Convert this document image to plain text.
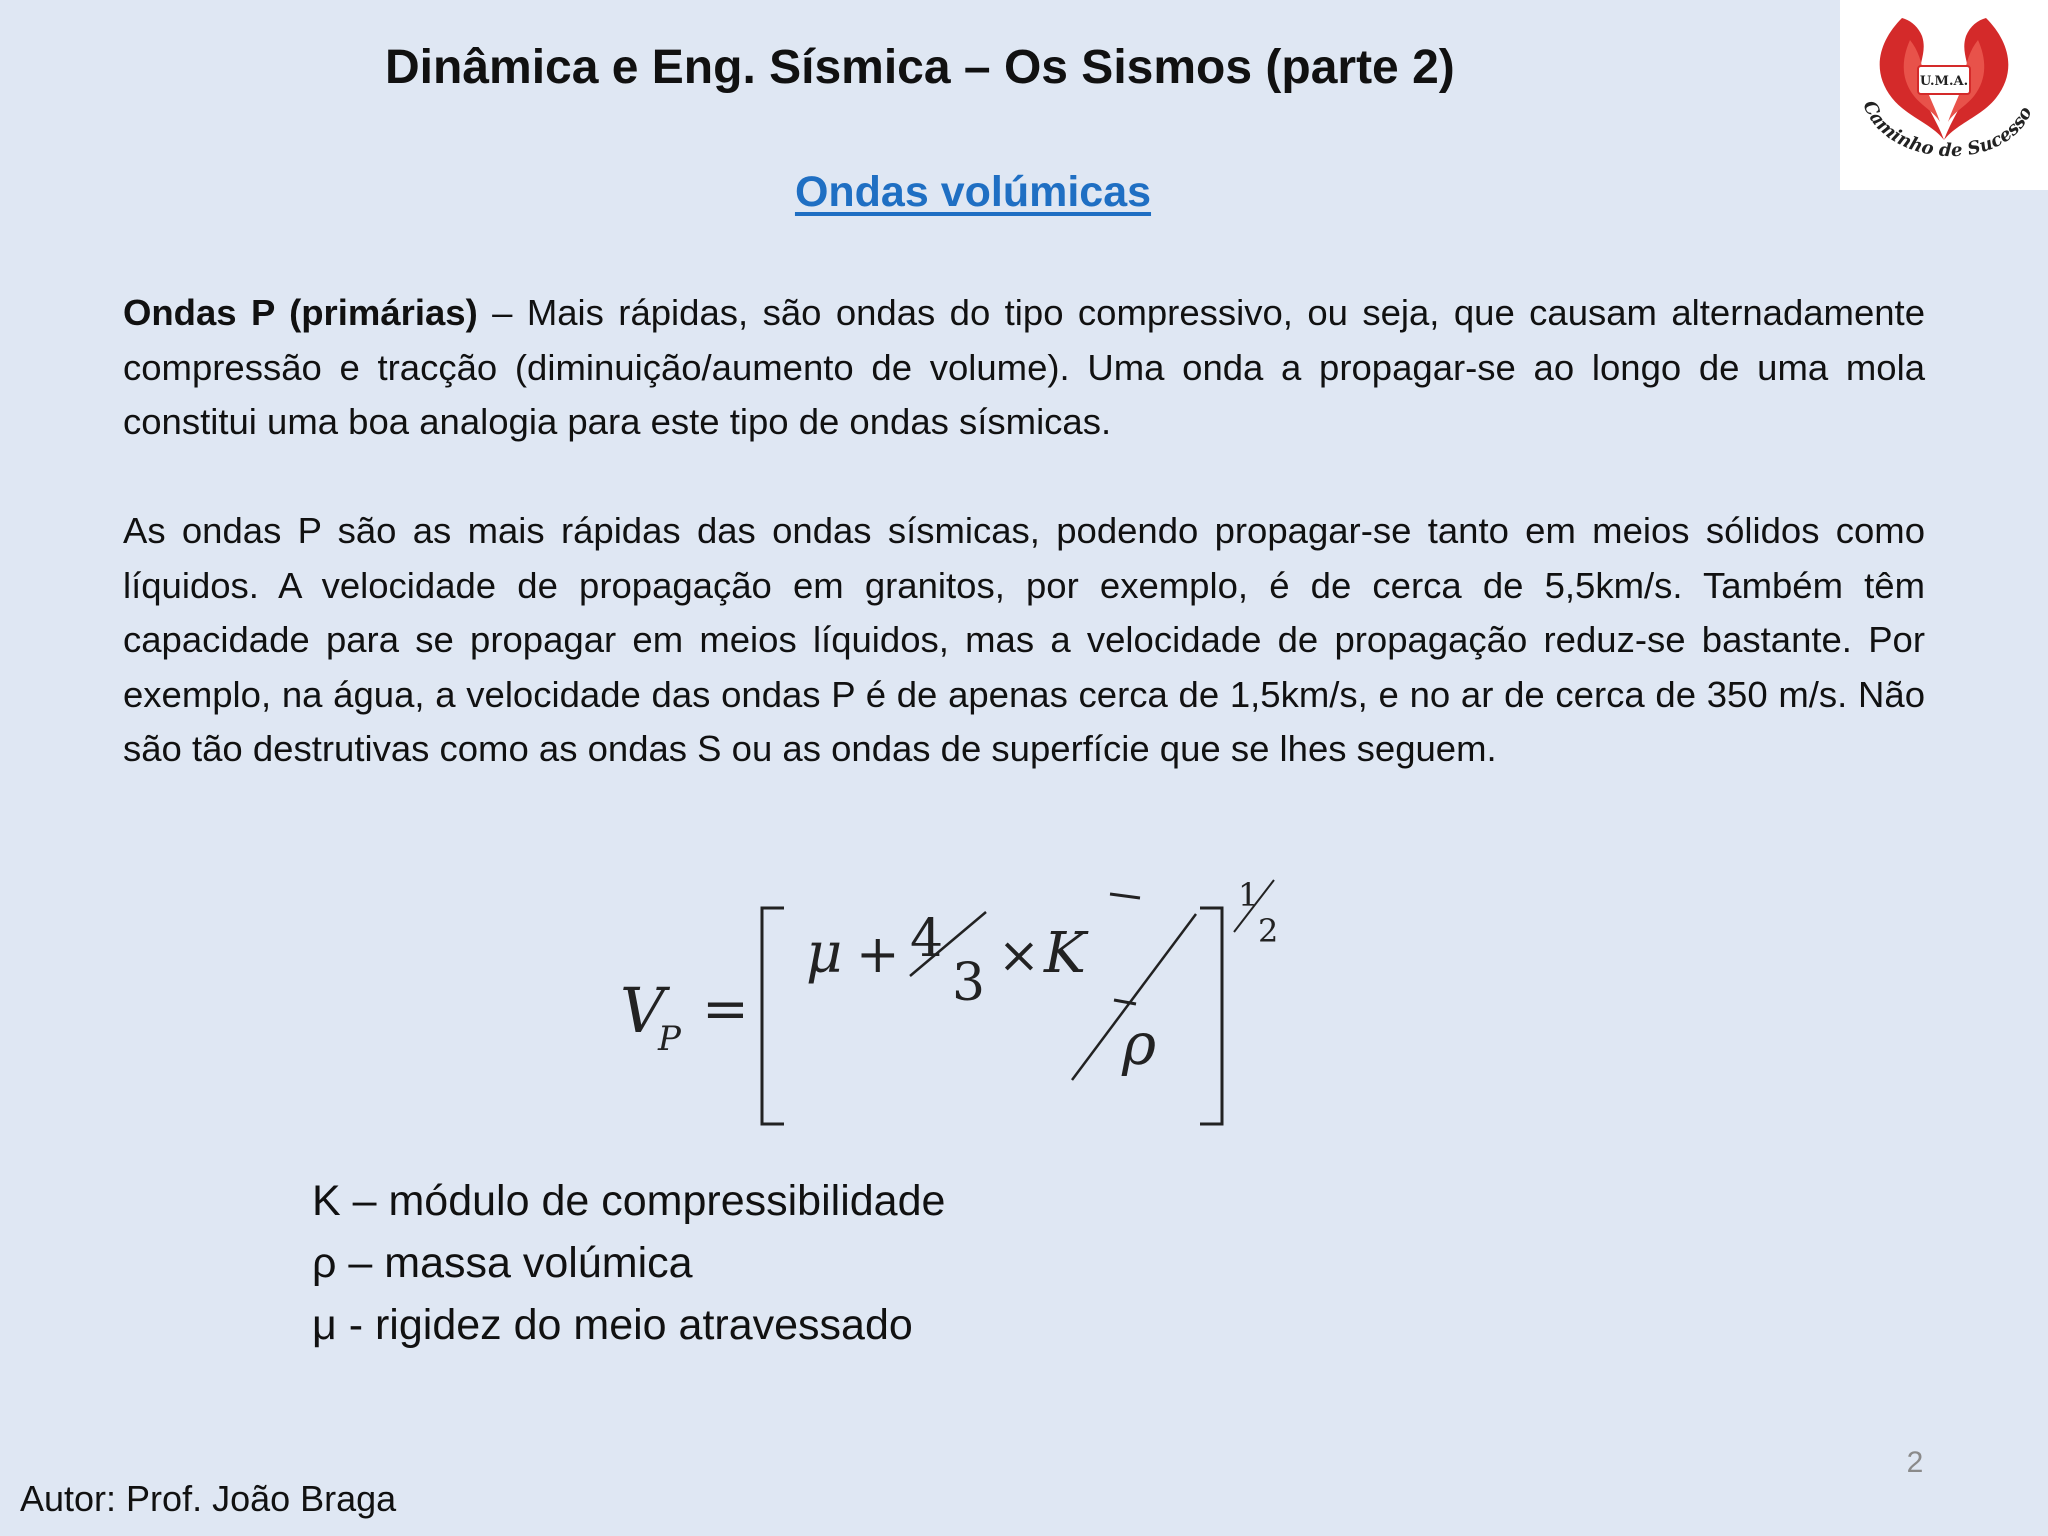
Dinâmica e Eng. Sísmica – Os Sismos (parte 2)
Ondas volúmicas
U.M.A.
Caminho de Sucesso
Ondas P (primárias) – Mais rápidas, são ondas do tipo compressivo, ou seja, que causam alternadamente compressão e tracção (diminuição/aumento de volume). Uma onda a propagar-se ao longo de uma mola constitui uma boa analogia para este tipo de ondas sísmicas.
As ondas P são as mais rápidas das ondas sísmicas, podendo propagar-se tanto em meios sólidos como líquidos. A velocidade de propagação em granitos, por exemplo, é de cerca de 5,5km/s. Também têm capacidade para se propagar em meios líquidos, mas a velocidade de propagação reduz-se bastante. Por exemplo, na água, a velocidade das ondas P é de apenas cerca de 1,5km/s, e no ar de cerca de 350 m/s. Não são tão destrutivas como as ondas S ou as ondas de superfície que se lhes seguem.
V
P =
μ + 4
3 × K
ρ
1
2
K – módulo de compressibilidade
ρ – massa volúmica
μ - rigidez do meio atravessado
2
Autor: Prof. João Braga
